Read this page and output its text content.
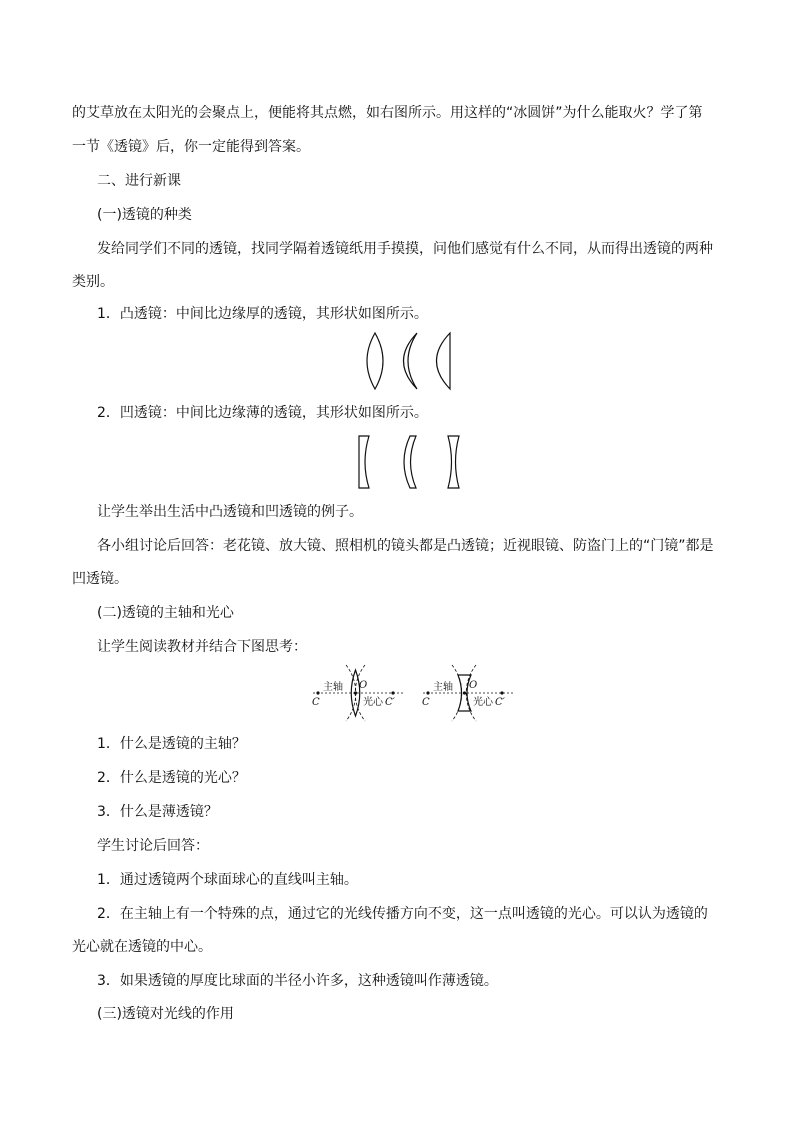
的艾草放在太阳光的会聚点上，便能将其点燃，如右图所示。用这样的“冰圆饼”为什么能取火？学了第

一节《透镜》后，你一定能得到答案。

二、进行新课

(一)透镜的种类

发给同学们不同的透镜，找同学隔着透镜纸用手摸摸，问他们感觉有什么不同，从而得出透镜的两种

类别。

1．凸透镜：中间比边缘厚的透镜，其形状如图所示。

2．凹透镜：中间比边缘薄的透镜，其形状如图所示。

让学生举出生活中凸透镜和凹透镜的例子。

各小组讨论后回答：老花镜、放大镜、照相机的镜头都是凸透镜；近视眼镜、防盗门上的“门镜”都是

凹透镜。

(二)透镜的主轴和光心

让学生阅读教材并结合下图思考：

主轴 O
C	光心 C′
主轴 O
C	光心 C′

1．什么是透镜的主轴？

2．什么是透镜的光心？

3．什么是薄透镜？

学生讨论后回答：

1．通过透镜两个球面球心的直线叫主轴。

2．在主轴上有一个特殊的点，通过它的光线传播方向不变，这一点叫透镜的光心。可以认为透镜的

光心就在透镜的中心。

3．如果透镜的厚度比球面的半径小许多，这种透镜叫作薄透镜。

(三)透镜对光线的作用
